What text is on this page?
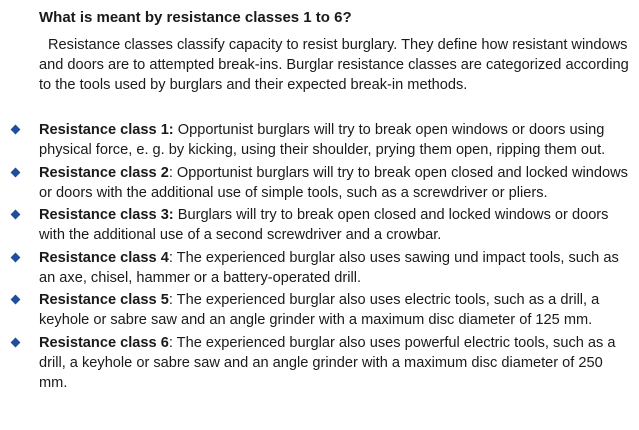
What is meant by resistance classes 1 to 6?
Resistance classes classify capacity to resist burglary. They define how resistant windows and doors are to attempted break-ins. Burglar resistance classes are categorized according to the tools used by burglars and their expected break-in methods.
Resistance class 1: Opportunist burglars will try to break open windows or doors using physical force, e. g. by kicking, using their shoulder, prying them open, ripping them out.
Resistance class 2: Opportunist burglars will try to break open closed and locked windows or doors with the additional use of simple tools, such as a screwdriver or pliers.
Resistance class 3: Burglars will try to break open closed and locked windows or doors with the additional use of a second screwdriver and a crowbar.
Resistance class 4: The experienced burglar also uses sawing und impact tools, such as an axe, chisel, hammer or a battery-operated drill.
Resistance class 5: The experienced burglar also uses electric tools, such as a drill, a keyhole or sabre saw and an angle grinder with a maximum disc diameter of 125 mm.
Resistance class 6: The experienced burglar also uses powerful electric tools, such as a drill, a keyhole or sabre saw and an angle grinder with a maximum disc diameter of 250 mm.
